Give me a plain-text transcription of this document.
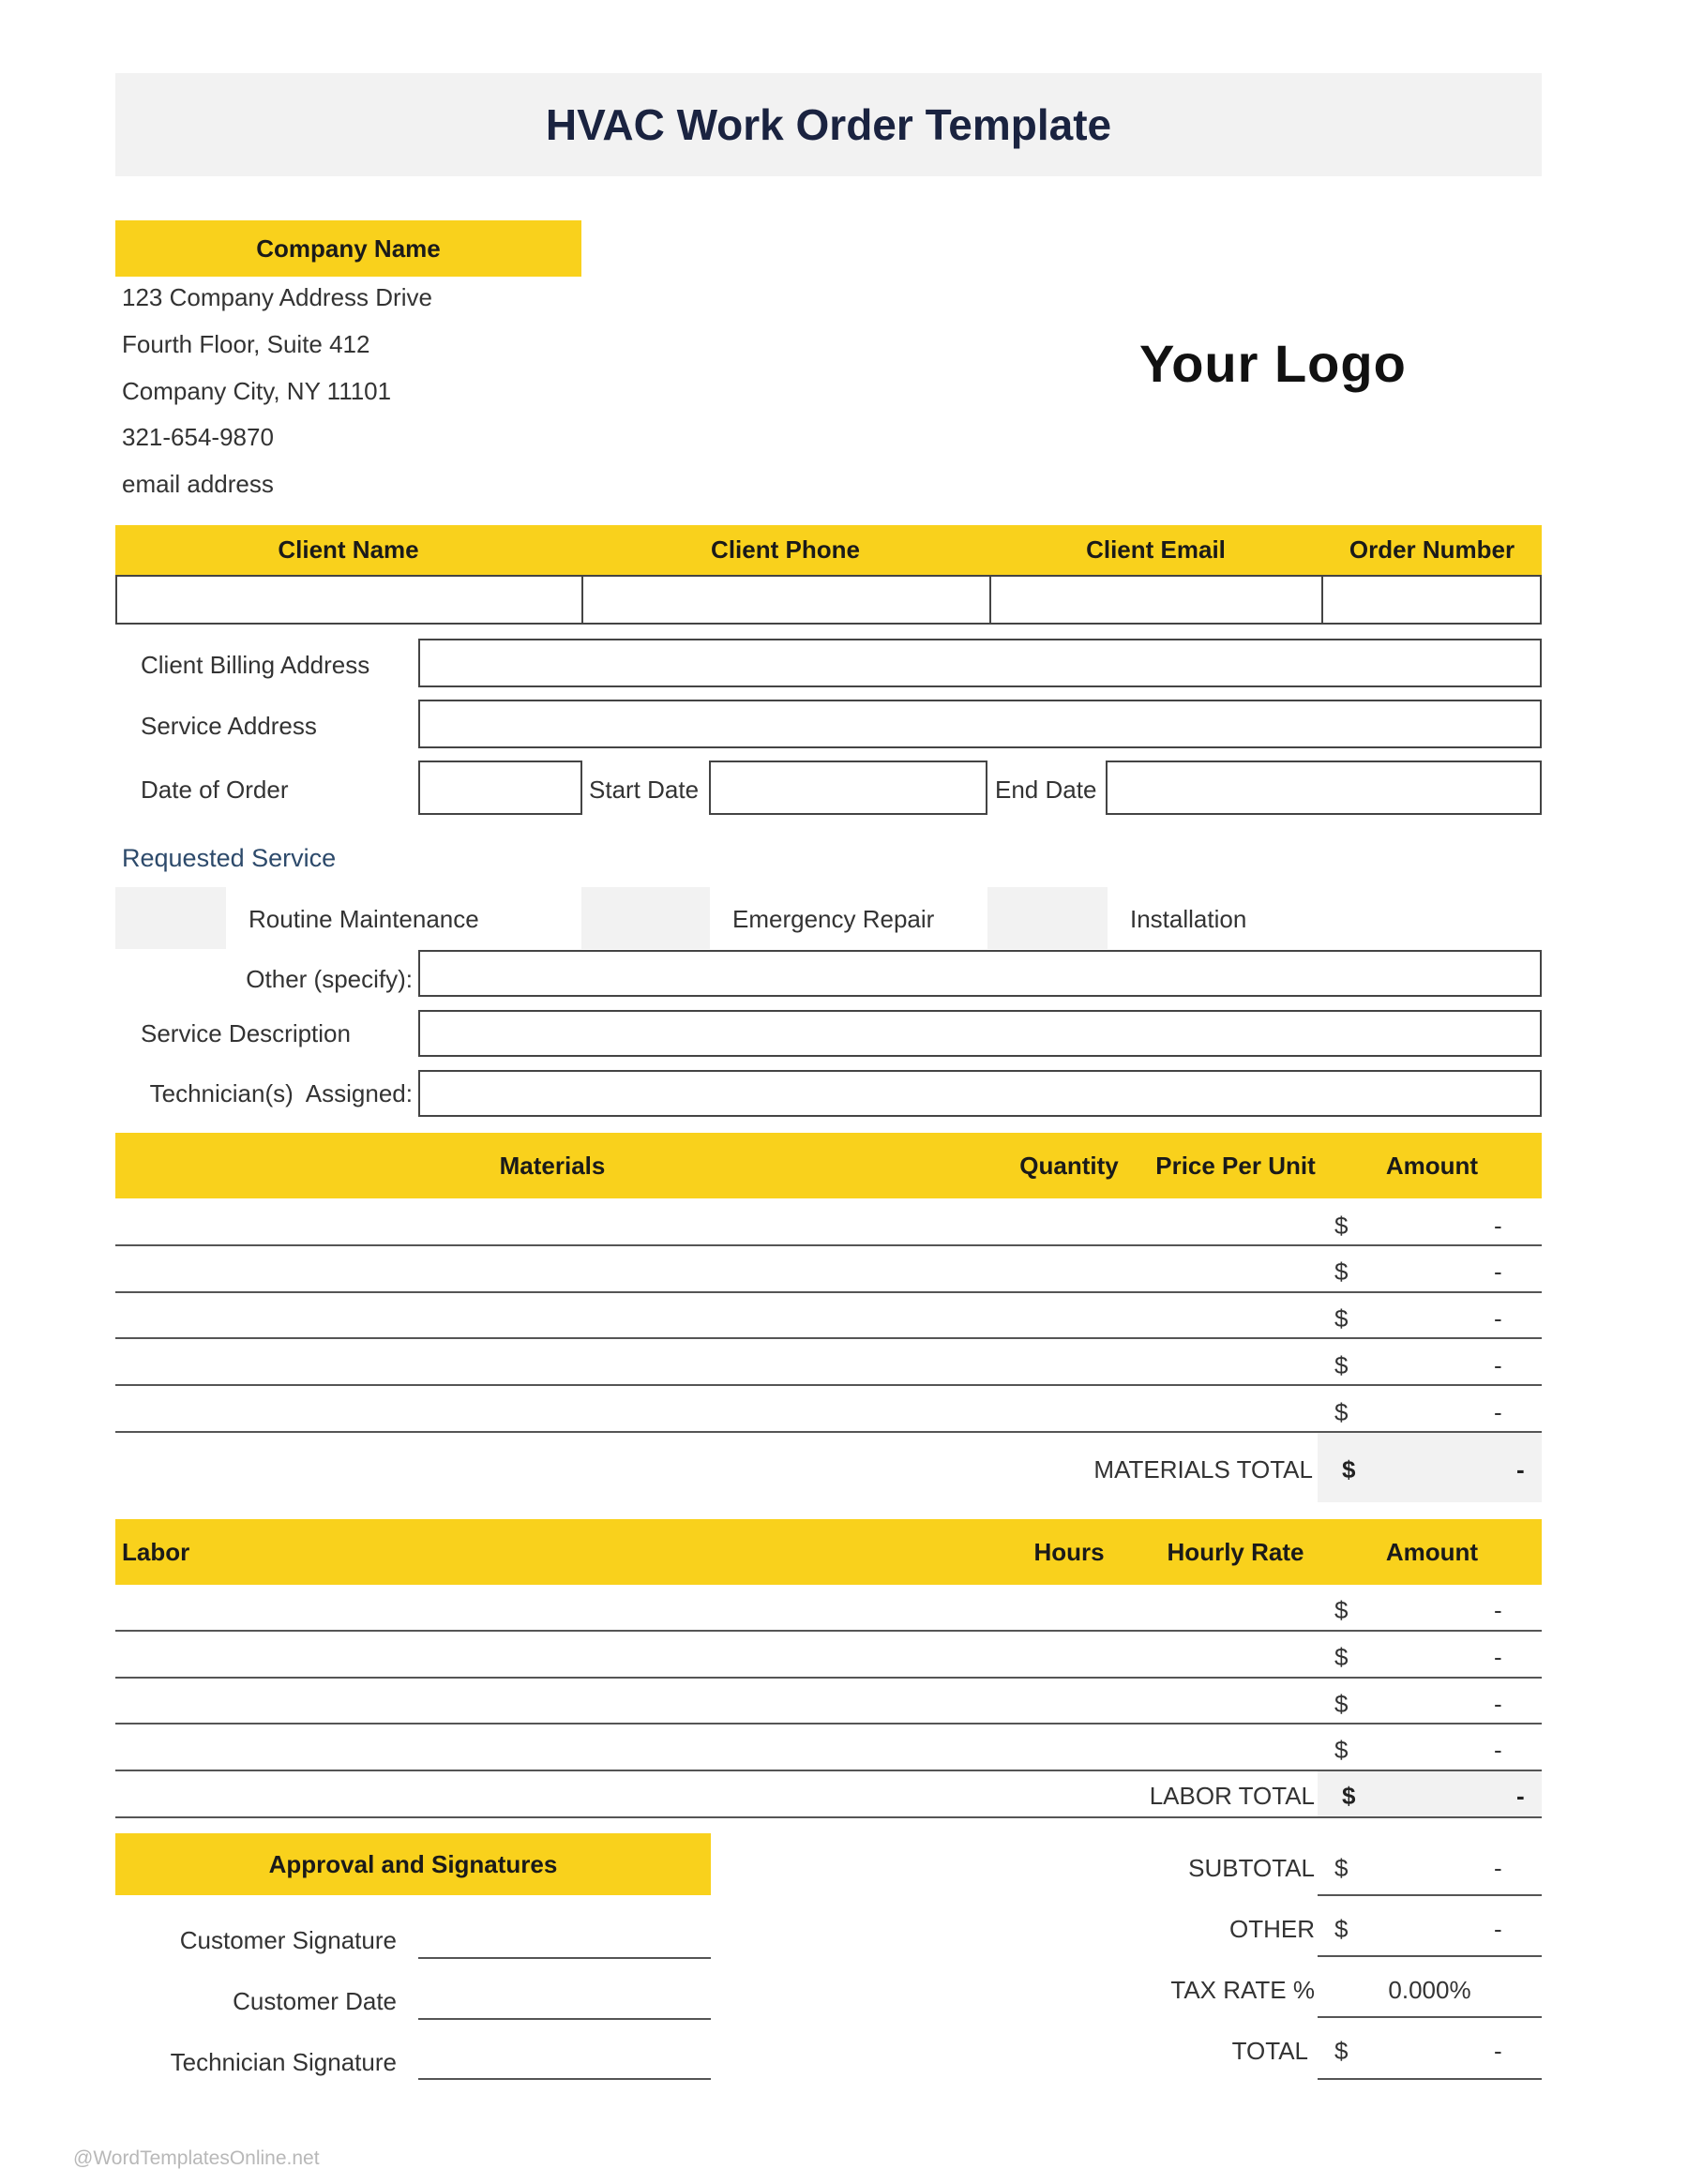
HVAC Work Order Template
Company Name
123 Company Address Drive
Fourth Floor, Suite 412
Company City, NY 11101
321-654-9870
email address
Your Logo
Client Name	Client Phone	Client Email	Order Number
Client Billing Address
Service Address
Date of Order	Start Date	End Date
Requested Service
Routine Maintenance	Emergency Repair	Installation
Other (specify):
Service Description
Technician(s)  Assigned:
Materials	Quantity	Price Per Unit	Amount
$	-
$	-
$	-
$	-
$	-
MATERIALS TOTAL $	-
Labor	Hours	Hourly Rate	Amount
$	-
$	-
$	-
$	-
LABOR TOTAL $	-
Approval and Signatures
Customer Signature
Customer Date
Technician Signature
SUBTOTAL $	-
OTHER $	-
TAX RATE %	0.000%
TOTAL $	-
@WordTemplatesOnline.net
